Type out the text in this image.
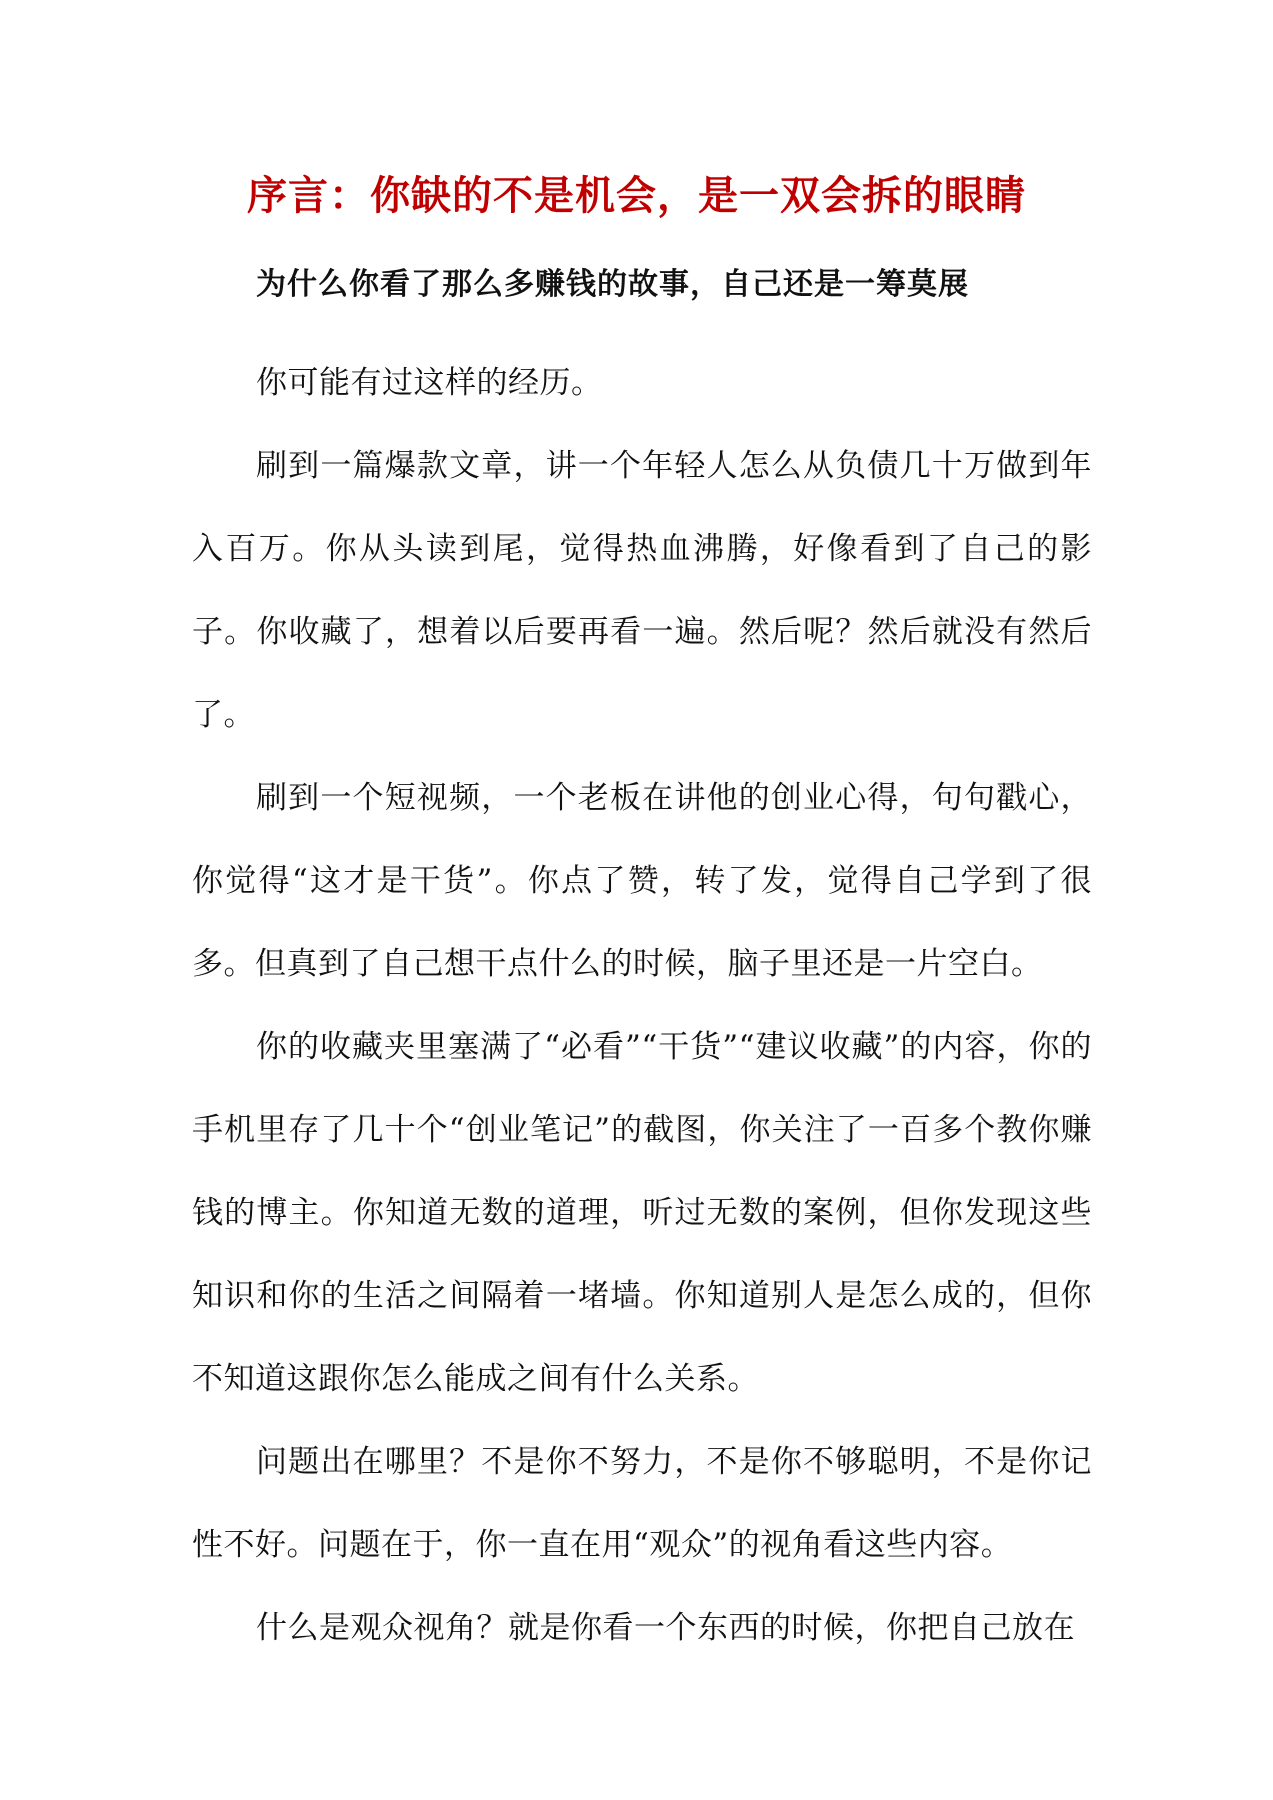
序言：你缺的不是机会，是一双会拆的眼睛
为什么你看了那么多赚钱的故事，自己还是一筹莫展

你可能有过这样的经历。

刷到一篇爆款文章，讲一个年轻人怎么从负债几十万做到年入百万。你从头读到尾，觉得热血沸腾，好像看到了自己的影子。你收藏了，想着以后要再看一遍。然后呢？然后就没有然后了。

刷到一个短视频，一个老板在讲他的创业心得，句句戳心，你觉得“这才是干货”。你点了赞，转了发，觉得自己学到了很多。但真到了自己想干点什么的时候，脑子里还是一片空白。

你的收藏夹里塞满了“必看”“干货”“建议收藏”的内容，你的手机里存了几十个“创业笔记”的截图，你关注了一百多个教你赚钱的博主。你知道无数的道理，听过无数的案例，但你发现这些知识和你的生活之间隔着一堵墙。你知道别人是怎么成的，但你不知道这跟你怎么能成之间有什么关系。

问题出在哪里？不是你不努力，不是你不够聪明，不是你记性不好。问题在于，你一直在用“观众”的视角看这些内容。

什么是观众视角？就是你看一个东西的时候，你把自己放在
